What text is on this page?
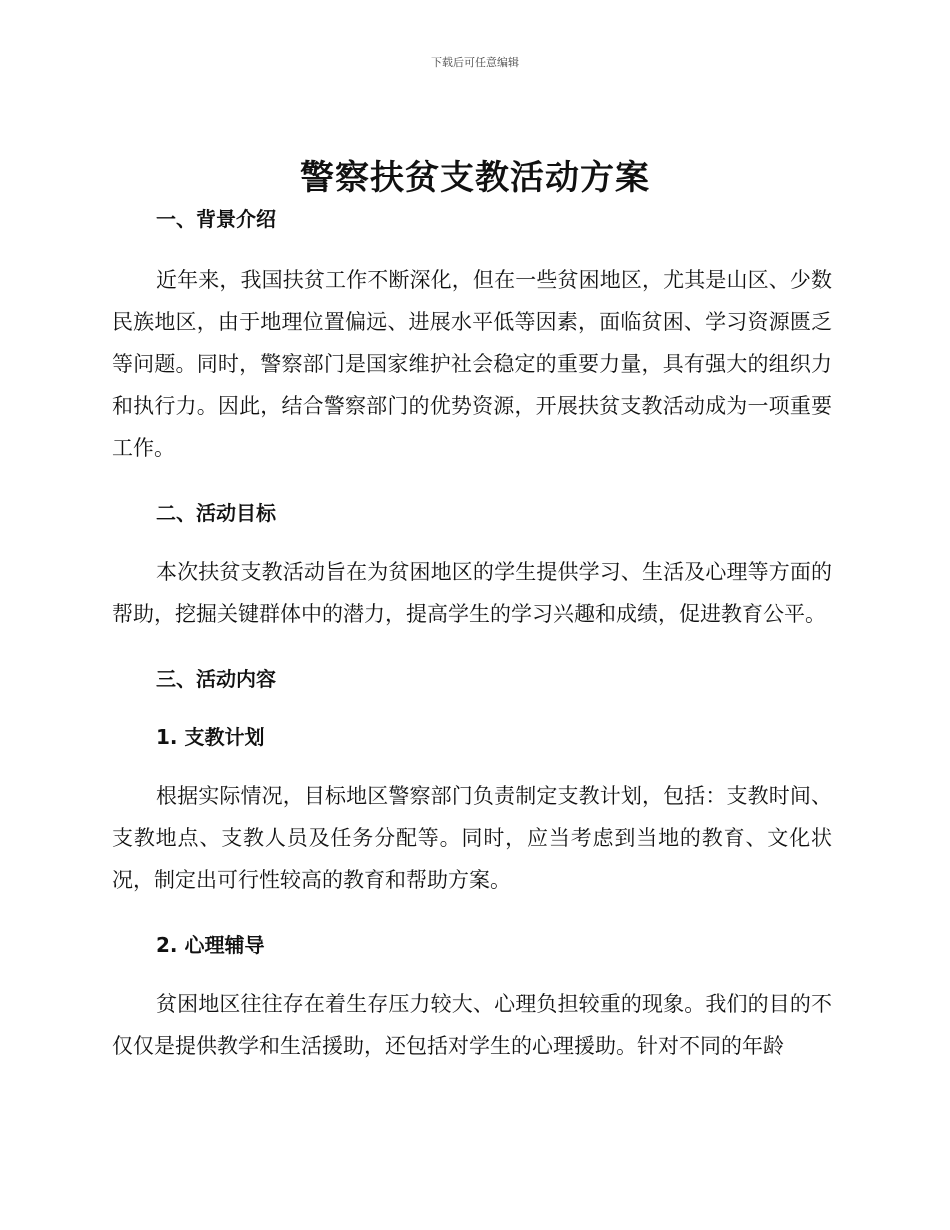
下载后可任意编辑
警察扶贫支教活动方案

一、背景介绍

近年来，我国扶贫工作不断深化，但在一些贫困地区，尤其是山区、少数民族地区，由于地理位置偏远、进展水平低等因素，面临贫困、学习资源匮乏等问题。同时，警察部门是国家维护社会稳定的重要力量，具有强大的组织力和执行力。因此，结合警察部门的优势资源，开展扶贫支教活动成为一项重要工作。

二、活动目标

本次扶贫支教活动旨在为贫困地区的学生提供学习、生活及心理等方面的帮助，挖掘关键群体中的潜力，提高学生的学习兴趣和成绩，促进教育公平。

三、活动内容

1. 支教计划

根据实际情况，目标地区警察部门负责制定支教计划，包括：支教时间、支教地点、支教人员及任务分配等。同时，应当考虑到当地的教育、文化状况，制定出可行性较高的教育和帮助方案。

2. 心理辅导

贫困地区往往存在着生存压力较大、心理负担较重的现象。我们的目的不仅仅是提供教学和生活援助，还包括对学生的心理援助。针对不同的年龄
